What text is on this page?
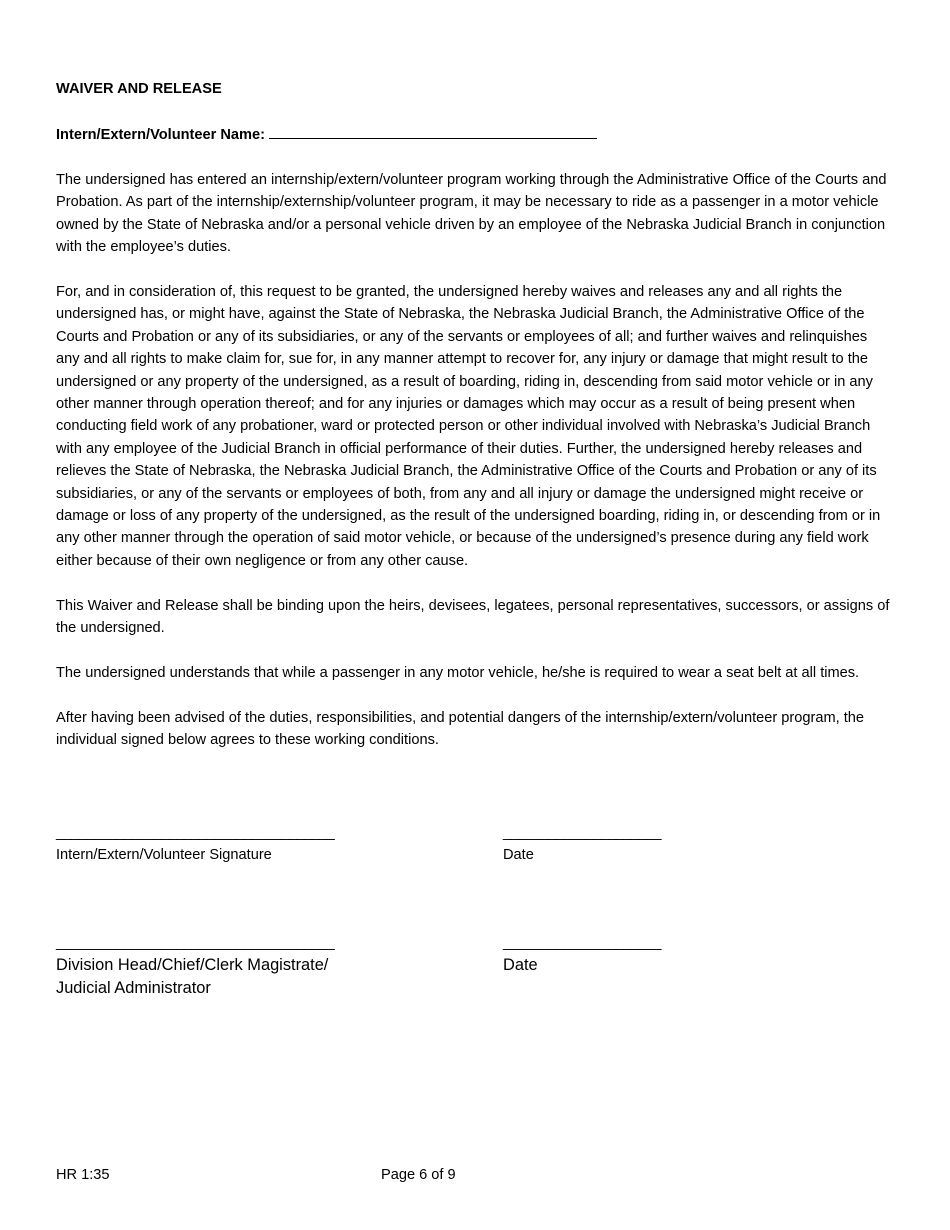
WAIVER AND RELEASE
Intern/Extern/Volunteer Name:

The undersigned has entered an internship/extern/volunteer program working through the Administrative Office of the Courts and Probation. As part of the internship/externship/volunteer program, it may be necessary to ride as a passenger in a motor vehicle owned by the State of Nebraska and/or a personal vehicle driven by an employee of the Nebraska Judicial Branch in conjunction with the employee’s duties.

For, and in consideration of, this request to be granted, the undersigned hereby waives and releases any and all rights the undersigned has, or might have, against the State of Nebraska, the Nebraska Judicial Branch, the Administrative Office of the Courts and Probation or any of its subsidiaries, or any of the servants or employees of all; and further waives and relinquishes any and all rights to make claim for, sue for, in any manner attempt to recover for, any injury or damage that might result to the undersigned or any property of the undersigned, as a result of boarding, riding in, descending from said motor vehicle or in any other manner through operation thereof; and for any injuries or damages which may occur as a result of being present when conducting field work of any probationer, ward or protected person or other individual involved with Nebraska’s Judicial Branch with any employee of the Judicial Branch in official performance of their duties. Further, the undersigned hereby releases and relieves the State of Nebraska, the Nebraska Judicial Branch, the Administrative Office of the Courts and Probation or any of its subsidiaries, or any of the servants or employees of both, from any and all injury or damage the undersigned might receive or damage or loss of any property of the undersigned, as the result of the undersigned boarding, riding in, or descending from or in any other manner through the operation of said motor vehicle, or because of the undersigned’s presence during any field work either because of their own negligence or from any other cause.

This Waiver and Release shall be binding upon the heirs, devisees, legatees, personal representatives, successors, or assigns of the undersigned.

The undersigned understands that while a passenger in any motor vehicle, he/she is required to wear a seat belt at all times.

After having been advised of the duties, responsibilities, and potential dangers of the internship/extern/volunteer program, the individual signed below agrees to these working conditions.

_____________________________________
Intern/Extern/Volunteer Signature
_____________________
Date
_____________________________________
Division Head/Chief/Clerk Magistrate/
Judicial Administrator
_____________________
Date
HR 1:35	Page 6 of 9
